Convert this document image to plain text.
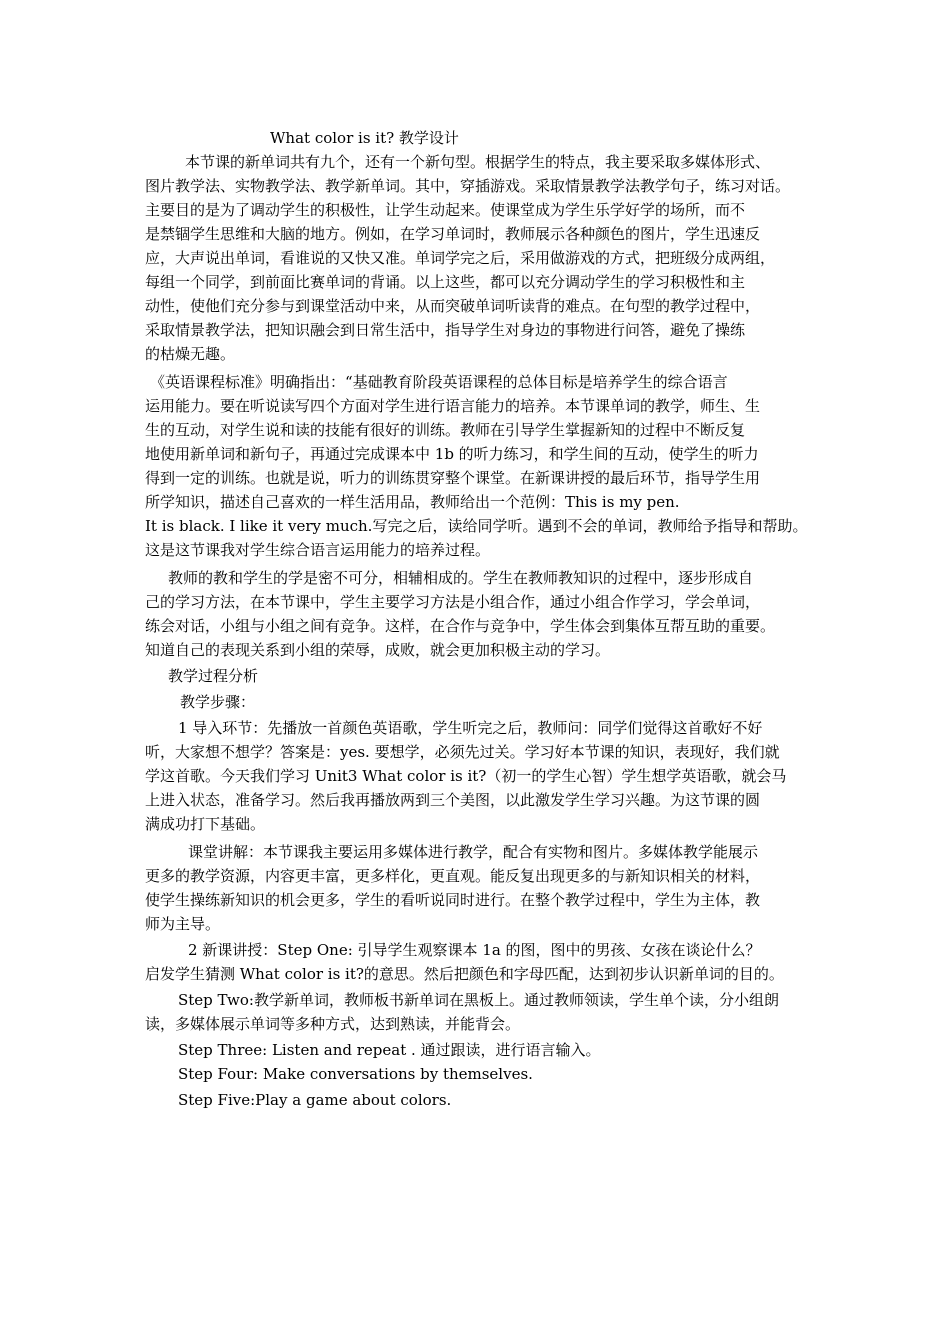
What color is it? 教学设计
本节课的新单词共有九个，还有一个新句型。根据学生的特点，我主要采取多媒体形式、
图片教学法、实物教学法、教学新单词。其中，穿插游戏。采取情景教学法教学句子，练习对话。
主要目的是为了调动学生的积极性，让学生动起来。使课堂成为学生乐学好学的场所，而不
是禁锢学生思维和大脑的地方。例如，在学习单词时，教师展示各种颜色的图片，学生迅速反
应，大声说出单词，看谁说的又快又准。单词学完之后，采用做游戏的方式，把班级分成两组，
每组一个同学，到前面比赛单词的背诵。以上这些，都可以充分调动学生的学习积极性和主
动性，使他们充分参与到课堂活动中来，从而突破单词听读背的难点。在句型的教学过程中，
采取情景教学法，把知识融会到日常生活中，指导学生对身边的事物进行问答，避免了操练
的枯燥无趣。
《英语课程标准》明确指出：“基础教育阶段英语课程的总体目标是培养学生的综合语言
运用能力。要在听说读写四个方面对学生进行语言能力的培养。本节课单词的教学，师生、生
生的互动，对学生说和读的技能有很好的训练。教师在引导学生掌握新知的过程中不断反复
地使用新单词和新句子，再通过完成课本中 1b 的听力练习，和学生间的互动，使学生的听力
得到一定的训练。也就是说，听力的训练贯穿整个课堂。在新课讲授的最后环节，指导学生用
所学知识，描述自己喜欢的一样生活用品，教师给出一个范例：This is my pen.
It is black. I like it very much.写完之后，读给同学听。遇到不会的单词，教师给予指导和帮助。
这是这节课我对学生综合语言运用能力的培养过程。
教师的教和学生的学是密不可分，相辅相成的。学生在教师教知识的过程中，逐步形成自
己的学习方法，在本节课中，学生主要学习方法是小组合作，通过小组合作学习，学会单词，
练会对话，小组与小组之间有竞争。这样，在合作与竞争中，学生体会到集体互帮互助的重要。
知道自己的表现关系到小组的荣辱，成败，就会更加积极主动的学习。
教学过程分析
教学步骤：
1 导入环节：先播放一首颜色英语歌，学生听完之后，教师问：同学们觉得这首歌好不好
听，大家想不想学？答案是：yes. 要想学，必须先过关。学习好本节课的知识，表现好，我们就
学这首歌。今天我们学习 Unit3 What color is it?（初一的学生心智）学生想学英语歌，就会马
上进入状态，准备学习。然后我再播放两到三个美图，以此激发学生学习兴趣。为这节课的圆
满成功打下基础。
课堂讲解：本节课我主要运用多媒体进行教学，配合有实物和图片。多媒体教学能展示
更多的教学资源，内容更丰富，更多样化，更直观。能反复出现更多的与新知识相关的材料，
使学生操练新知识的机会更多，学生的看听说同时进行。在整个教学过程中，学生为主体，教
师为主导。
2 新课讲授：Step One: 引导学生观察课本 1a 的图，图中的男孩、女孩在谈论什么？
启发学生猜测 What color is it?的意思。然后把颜色和字母匹配，达到初步认识新单词的目的。
Step Two:教学新单词，教师板书新单词在黑板上。通过教师领读，学生单个读，分小组朗
读，多媒体展示单词等多种方式，达到熟读，并能背会。
Step Three: Listen and repeat . 通过跟读，进行语言输入。
Step Four: Make conversations by themselves.
Step Five:Play a game about colors.
